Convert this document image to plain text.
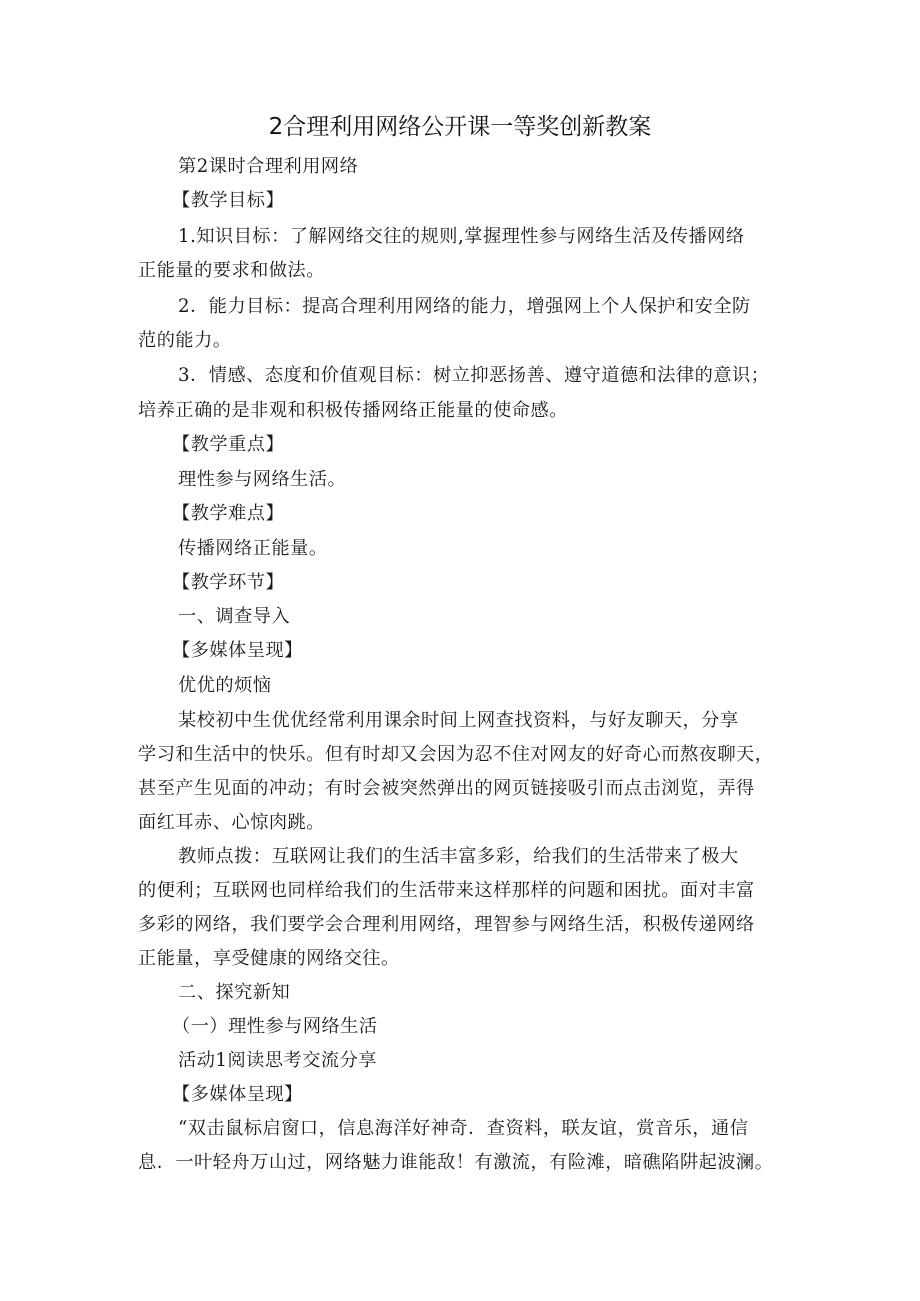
2合理利用网络公开课一等奖创新教案
第2课时合理利用网络
【教学目标】
1.知识目标：了解网络交往的规则,掌握理性参与网络生活及传播网络
正能量的要求和做法。
2．能力目标：提高合理利用网络的能力，增强网上个人保护和安全防
范的能力。
3．情感、态度和价值观目标：树立抑恶扬善、遵守道德和法律的意识；
培养正确的是非观和积极传播网络正能量的使命感。
【教学重点】
理性参与网络生活。
【教学难点】
传播网络正能量。
【教学环节】
一、调查导入
【多媒体呈现】
优优的烦恼
某校初中生优优经常利用课余时间上网查找资料，与好友聊天，分享
学习和生活中的快乐。但有时却又会因为忍不住对网友的好奇心而熬夜聊天，
甚至产生见面的冲动；有时会被突然弹出的网页链接吸引而点击浏览，弄得
面红耳赤、心惊肉跳。
教师点拨：互联网让我们的生活丰富多彩，给我们的生活带来了极大
的便利；互联网也同样给我们的生活带来这样那样的问题和困扰。面对丰富
多彩的网络，我们要学会合理利用网络，理智参与网络生活，积极传递网络
正能量，享受健康的网络交往。
二、探究新知
（一）理性参与网络生活
活动1阅读思考交流分享
【多媒体呈现】
“双击鼠标启窗口，信息海洋好神奇．查资料，联友谊，赏音乐，通信
息．一叶轻舟万山过，网络魅力谁能敌！有激流，有险滩，暗礁陷阱起波澜。
